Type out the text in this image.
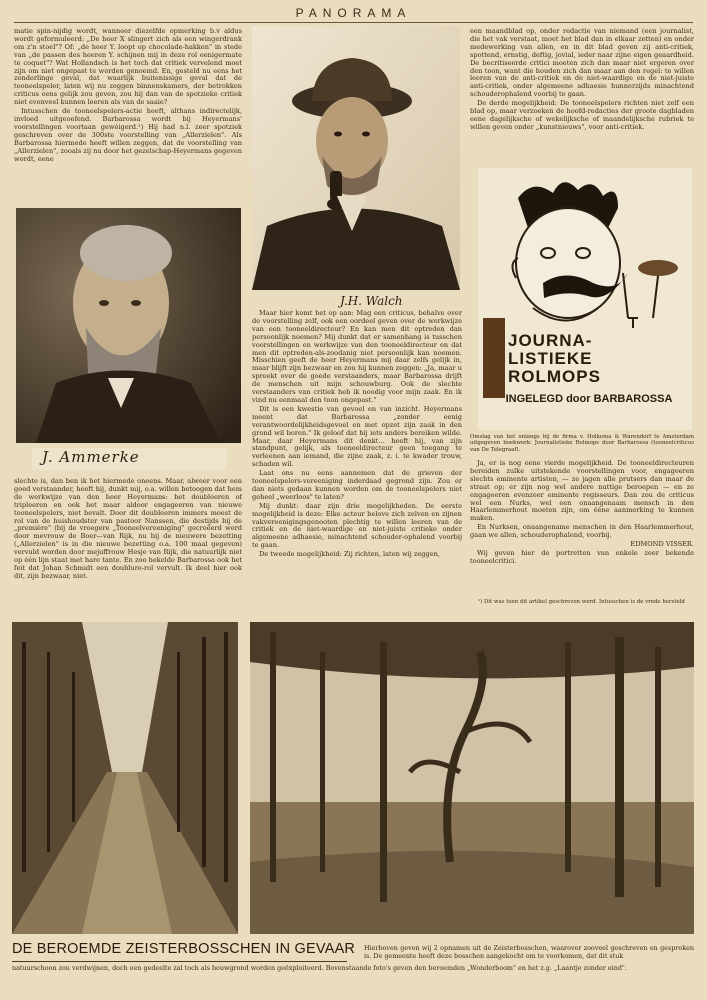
PANORAMA

matie spin-nijdig wordt, wanneer diezelfde opmerking b.v aldus wordt geformuleerd: „De heer X slingert zich als een wingerdrank om z'n stoel"? Of: „de heer Y. loopt op chocolade-hakken" in stede van „de passen des heeren Y. schijnen mij in deze rol eenigermate te coquet"? Wat Hollandsch is het toch dat critiek vervelend moet zijn om niet ongepast te worden genoemd. En, gesteld nu eens het zonderlinge geval, dat waarlijk buitenissige geval dat de tooneelspeler, laten wij nu zeggen binnenskamers, der betrokken criticus eens gelijk zou geven, zou hij dan van de spotzieke critiek niet evenveel kunnen leeren als van de saaie?

Intusschen de tooneelspelers-actie heeft, althans indirectelijk, invloed uitgeoefend. Barbarossa wordt bij Heyermans' voorstellingen voortaan gewéigerd.¹) Hij had n.l. zeer spotziek geschreven over de 300ste voorstelling van „Allerzielen". Als Barbarossa hiermede heeft willen zeggen, dat de voorstelling van „Allerzielen", zooals zij nu door het gezelschap-Heyermans gegeven wordt, eene

J. Ammerke

slechte is, dan ben ik het hiermede oneens. Maar, alweer voor een goed verstaander, heeft hij, dunkt mij, o.a. willen betoogen dat hem de werkwijze van den heer Heyermans: het doubleeren of tripleeren en ook het maar aldoor engageeren van nieuwe tooneelspelers, niet bevalt. Door dit doubleeren immers moest de rol van de huishoudster van pastoor Nanssen, die destijds bij de „première" (bij de vroegere „Tooneelvereeniging" gecreëerd werd door mevrouw de Boer—van Rijk, nu bij de nieuwere bezetting („Allerzielen" is in die nieuwe bezetting o.a. 100 maal gegeven) vervuld worden door mejuffrouw Hesje van Rijk, die natuurlijk niet op één lijn staat met hare tante. En zoo hekelde Barbarossa ook het feit dat Johan Schmidt een doublure-rol vervult. Ik deel hier ook dit, zijn bezwaar, niet.

J.H. Walch

Maar hier komt het op aan: Mag een criticus, behalve over de voorstelling zelf, ook een oordeel geven over de werkwijze van een tooneeldirecteur? En kan men dit optreden dan persoonlijk noemen? Mij dunkt dat er samenhang is tusschen voorstellingen en werkwijze van den tooneeldirecteur en dat men dit optreden-als-zoodanig niet persoonlijk kan noemen. Misschien geeft de heer Heyermans mij daar zelfs gelijk in, maar blijft zijn bezwaar en zou hij kunnen zeggen: „Ja, maar u spreekt over de goede verstaanders, maar Barbarossa drijft de menschen uit mijn schouwburg. Ook de slechte verstaanders van critiek heb ik noodig voor mijn zaak. En ik vind nu eenmaal den toon ongepast."

Dit is een kwestie van gevoel en van inzicht. Heyermans meent dat Barbarossa „zonder eenig verantwoordelijkheidsgevoel en met opzet zijn zaak in den grond wil boren." Ik geloof dat hij iets anders bereiken wilde. Maar, daar Heyermans dit denkt... heeft hij, van zijn standpunt, gelijk, als tooneeldirecteur geen toegang te verleenen aan iemand, die zijne zaak, z. i. te kwader trouw, schaden wil.

Laat ons nu eens aannemen dat de grieven der tooneelspelers-vereeniging inderdaad gegrond zijn. Zou er dan niets gedaan kunnen worden om de tooneelspelers niet geheel „weerloos" te laten?

Mij dunkt: daar zijn drie mogelijkheden. De eerste mogelijkheid is deze: Elke acteur belove zich zelven en zijnen vakvereenigingsgenooten plechtig te willen leeren van de critiek en de niet-waardige en niet-juiste critieke onder algemeene adhaesie, minachtend schouder-ophalend voorbij te gaan.

De tweede mogelijkheid: Zij richten, laten wij zeggen,

een maandblad op, onder redactie van niemand (een journalist, die het vak verstaat, moet het blad dan in elkaar zetten) en onder medewerking van allen, en in dit blad geven zij anti-critiek, spottend, ernstig, deftig, jovial, ieder naar zijne eigen geaardheid. De becritiseerde critici moeten zich dan maar niet ergeren over den toon, want die houden zich dan maar aan den regel: te willen leeren van de anti-critiek en de niet-waardige en de niet-juiste anti-critiek, onder algemeene adhaesie hunnerzijds minachtend schouderophalend voorbij te gaan.

De derde mogelijkheid: De tooneelspelers richten niet zelf een blad op, maar verzoeken de hoofd-redacties der groote dagbladen eene dagelijksche of wekelijksche of maandelijksche rubriek te willen geven onder „kunstnieuws", voor anti-critiek.

JOURNA-
LISTIEKE
ROLMOPS
INGELEGD door BARBAROSSA
Omslag van het onlangs bij de firma v. Holkema & Warendorf te Amsterdam uitgegeven boekwerk: Journalistieke Rolmops door Barbarossa (tooneelcriticus van De Telegraaf).

Ja, er is nog eene vierde mogelijkheid. De tooneeldirecteuren bereiden zulke uitstekende voorstellingen voor, engageeren slechts eminente artisten, — ze jagen alle prutsers dan maar de straat op; er zijn nog wel andere nuttige beroepen — en ze engageeren evenzeer eminente regisseurs. Dan zou de criticus wel een Nurks, wel een onaangenaam mensch in den Haarlemmerhout moeten zijn, om ééne aanmerking te kunnen maken.

En Nurksen, onaangename menschen in den Haarlemmerhout, gaan we allen, schouderophalend, voorbij.

EDMOND VISSER.

Wij geven hier de portretten van enkele zeer bekende tooneelcritici.

¹) Dit was toen dit artikel geschreven werd. Intusschen is de vrede hersteld
DE BEROEMDE ZEISTERBOSSCHEN IN GEVAAR Hierboven geven wij 2 opnamen uit de Zeisterbosschen, waarover zooveel geschreven en gesproken is. De gemeente heeft deze bosschen aangekocht om te voorkomen, dat dit stuk
natuurschoon zou verdwijnen, doch een gedeelte zal toch als bouwgrond worden geëxploiteerd. Bovenstaande foto's geven den beroemden „Wonderboom" en het z.g. „Laantje zonder eind".
